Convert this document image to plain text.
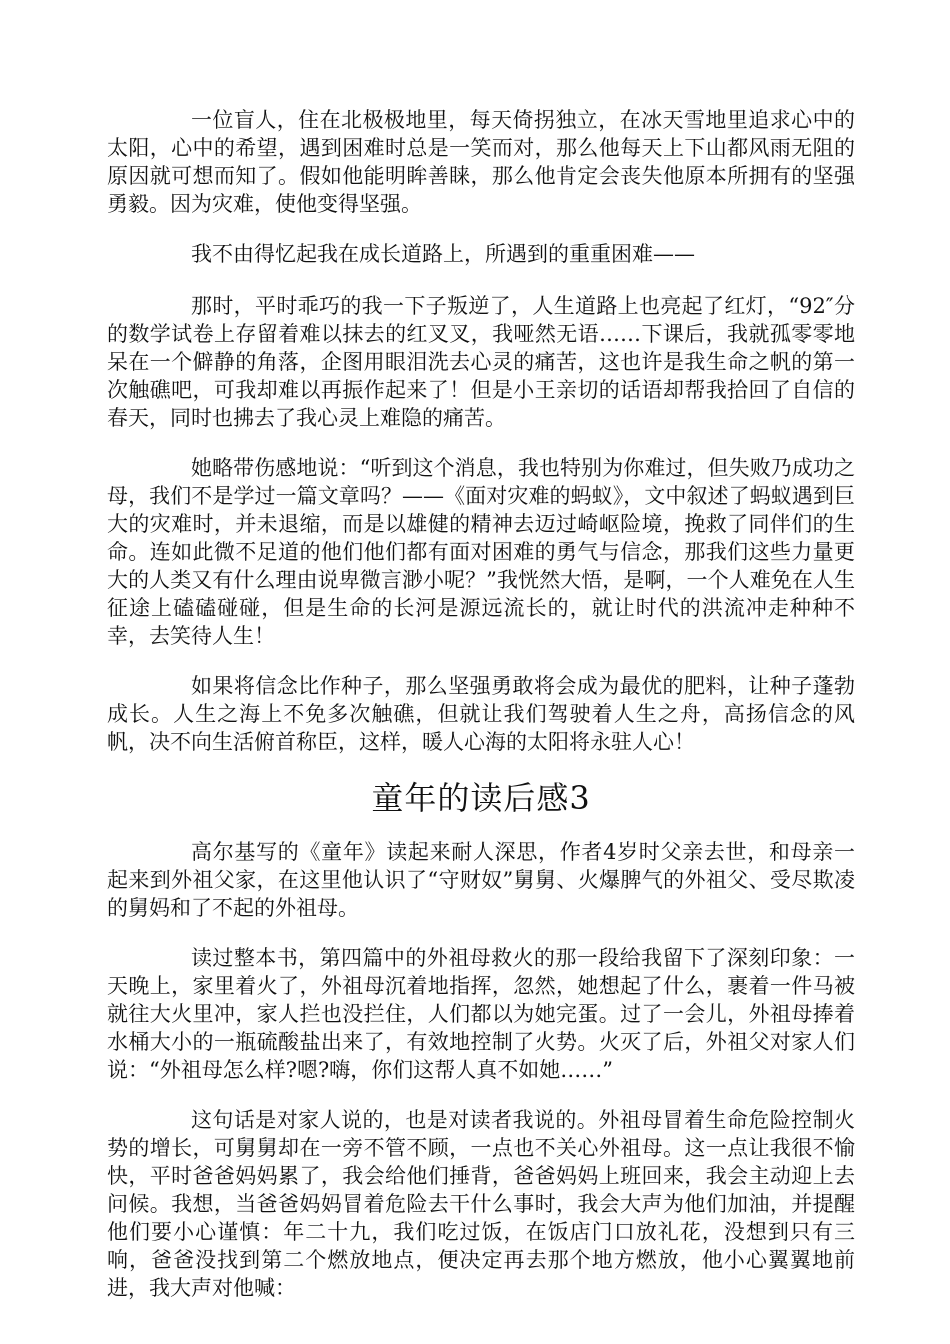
一位盲人，住在北极极地里，每天倚拐独立，在冰天雪地里追求心中的太阳，心中的希望，遇到困难时总是一笑而对，那么他每天上下山都风雨无阻的原因就可想而知了。假如他能明眸善睐，那么他肯定会丧失他原本所拥有的坚强勇毅。因为灾难，使他变得坚强。

我不由得忆起我在成长道路上，所遇到的重重困难——

那时，平时乖巧的我一下子叛逆了，人生道路上也亮起了红灯，“92″分的数学试卷上存留着难以抹去的红叉叉，我哑然无语……下课后，我就孤零零地呆在一个僻静的角落，企图用眼泪洗去心灵的痛苦，这也许是我生命之帆的第一次触礁吧，可我却难以再振作起来了！但是小王亲切的话语却帮我拾回了自信的春天，同时也拂去了我心灵上难隐的痛苦。

她略带伤感地说：“听到这个消息，我也特别为你难过，但失败乃成功之母，我们不是学过一篇文章吗？——《面对灾难的蚂蚁》，文中叙述了蚂蚁遇到巨大的灾难时，并未退缩，而是以雄健的精神去迈过崎岖险境，挽救了同伴们的生命。连如此微不足道的他们他们都有面对困难的勇气与信念，那我们这些力量更大的人类又有什么理由说卑微言渺小呢？”我恍然大悟，是啊，一个人难免在人生征途上磕磕碰碰，但是生命的长河是源远流长的，就让时代的洪流冲走种种不幸，去笑待人生！

如果将信念比作种子，那么坚强勇敢将会成为最优的肥料，让种子蓬勃成长。人生之海上不免多次触礁，但就让我们驾驶着人生之舟，高扬信念的风帆，决不向生活俯首称臣，这样，暖人心海的太阳将永驻人心！

童年的读后感3

高尔基写的《童年》读起来耐人深思，作者4岁时父亲去世，和母亲一起来到外祖父家，在这里他认识了“守财奴”舅舅、火爆脾气的外祖父、受尽欺凌的舅妈和了不起的外祖母。

读过整本书，第四篇中的外祖母救火的那一段给我留下了深刻印象：一天晚上，家里着火了，外祖母沉着地指挥，忽然，她想起了什么，裹着一件马被就往大火里冲，家人拦也没拦住，人们都以为她完蛋。过了一会儿，外祖母捧着水桶大小的一瓶硫酸盐出来了，有效地控制了火势。火灭了后，外祖父对家人们说：“外祖母怎么样?嗯?嗨，你们这帮人真不如她……”

这句话是对家人说的，也是对读者我说的。外祖母冒着生命危险控制火势的增长，可舅舅却在一旁不管不顾，一点也不关心外祖母。这一点让我很不愉快，平时爸爸妈妈累了，我会给他们捶背，爸爸妈妈上班回来，我会主动迎上去问候。我想，当爸爸妈妈冒着危险去干什么事时，我会大声为他们加油，并提醒他们要小心谨慎：年二十九，我们吃过饭，在饭店门口放礼花，没想到只有三响，爸爸没找到第二个燃放地点，便决定再去那个地方燃放，他小心翼翼地前进，我大声对他喊：
